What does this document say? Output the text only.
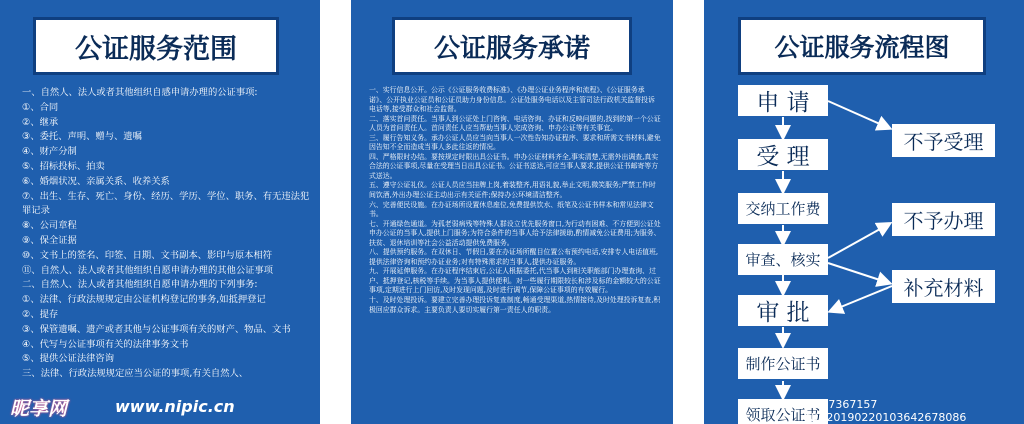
公证服务范围
一、自然人、法人或者其他组织自感申请办理的公证事项:
①、合同
②、继承
③、委托、声明、赠与、遗嘱
④、财产分制
⑤、招标投标、拍卖
⑥、婚烟状况、亲属关系、收养关系
⑦、出生、生存、死亡、身份、经历、学历、学位、职务、有无违法犯罪记录
⑧、公司章程
⑨、保全证据
⑩、文书上的签名、印签、日期、文书副本、影印与原本相符
⑪、自然人、法人或者其他组织自愿申请办理的其他公证事项
二、自然人、法人或者其他组织自愿申请办理的下列事务:
①、法律、行政法规规定由公证机构登记的事务,如抵押登记
②、提存
③、保管遗嘱、遗产或者其他与公证事项有关的财产、物品、文书
④、代写与公证事项有关的法律事务文书
⑤、提供公证法律咨询
三、法律、行政法规规定应当公证的事项,有关自然人、
公证服务承诺
一、实行信息公开。公示《公证服务收费标准》、《办理公证业务程序和流程》、《公证服务承诺》、公开执业公证员和公证员助力身份信息。公证处服务电话以及主管司法行政机关监督投诉电话等,接受群众和社会监督。
二、落实首问责任。当事人到公证处上门咨询、电话咨询、办证和反映问题的,找到的第一个公证人员为首问责任人。首问责任人应当帮助当事人完成咨询、申办公证等有关事宜。
三、履行告知义务。承办公证人员应当向当事人一次性告知办证程序、要求和所需文书材料,避免因告知不全而造成当事人多此往返的情况。
四、严格限时办结。要按规定时限出具公证书。申办公证材料齐全,事实清楚,无需外出调查,真实合法的公证事项,尽量在受理当日出具公证书。公证书送达,可应当事人要求,提供公证书邮寄等方式送达。
五、遵守公证礼仪。公证人员应当挂牌上岗,着装整齐,用语礼貌,举止文明,微笑服务;严禁工作时间饮酒,外出办理公证主动出示有关证件;保持办公环境清洁整齐。
六、完善便民设施。在办证场所设置休息座位,免费提供饮水、纸笔及公证书样本和常见法律文书。
七、开通绿色通道。为孤老弱病残等特殊人群设立优先服务窗口,为行动有困难、不方便到公证处申办公证的当事人,提供上门服务;为符合条件的当事人给予法律援助,酌情减免公证费用;为服务、扶贫、退休培训等社会公益活动提供免费服务。
八、提供预约服务。在双休日、节假日,要在办证场所醒目位置公布预约电话,安排专人电话值班,提供法律咨询和预约办证业务;对有特殊需求的当事人,提供办证服务。
九、开展延伸服务。在办证程序结束后,公证人根据委托,代当事人到相关职能部门办理查询、过户、抵押登记,核税等手续。为当事人提供便利。对一些履行期限较长和涉及标的金额较大的公证事项,定期进行上门回访,及时发现问题,及时进行调节,保障公证事项的有效履行。
十、及时处理投诉。要建立完善办理投诉复查制度,畅通受理渠道,热情接待,及时处理投诉复查,积极回应群众诉求。主要负责人要切实履行第一责任人的职责。
公证服务流程图
申 请
受 理
交纳工作费
审查、核实
审 批
制作公证书
领取公证书
不予受理
不予办理
补充材料
昵享网	www.nipic.cn	ID:27367157 NO:20190220103642678086
